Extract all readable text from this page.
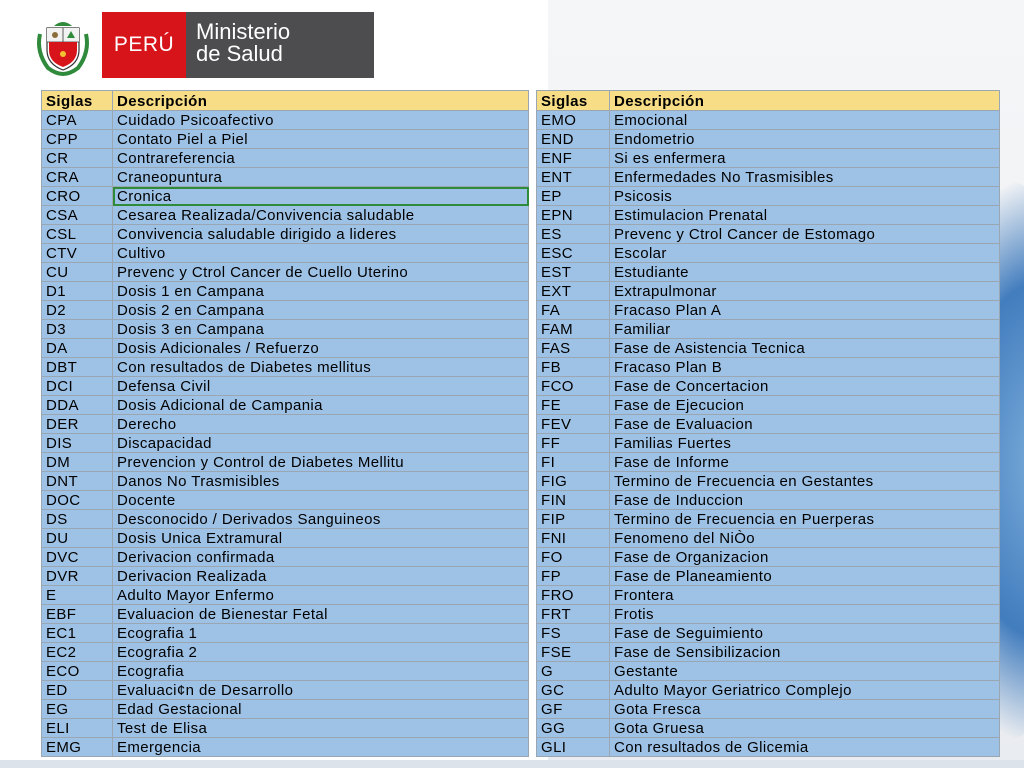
PERÚ
Ministerio
de Salud
Siglas	Descripción
CPA	Cuidado Psicoafectivo
CPP	Contato Piel a Piel
CR	Contrareferencia
CRA	Craneopuntura
CRO	Cronica
CSA	Cesarea Realizada/Convivencia saludable
CSL	Convivencia saludable dirigido a lideres
CTV	Cultivo
CU	Prevenc y Ctrol Cancer de Cuello Uterino
D1	Dosis 1 en Campana
D2	Dosis 2 en Campana
D3	Dosis 3 en Campana
DA	Dosis Adicionales / Refuerzo
DBT	Con resultados de Diabetes mellitus
DCI	Defensa Civil
DDA	Dosis Adicional de Campania
DER	Derecho
DIS	Discapacidad
DM	Prevencion y Control de Diabetes Mellitu
DNT	Danos No Trasmisibles
DOC	Docente
DS	Desconocido / Derivados Sanguineos
DU	Dosis Unica Extramural
DVC	Derivacion confirmada
DVR	Derivacion Realizada
E	Adulto Mayor Enfermo
EBF	Evaluacion de Bienestar Fetal
EC1	Ecografia 1
EC2	Ecografia 2
ECO	Ecografia
ED	Evaluaci¢n de Desarrollo
EG	Edad Gestacional
ELI	Test de Elisa
EMG	Emergencia
Siglas	Descripción
EMO	Emocional
END	Endometrio
ENF	Si es enfermera
ENT	Enfermedades No Trasmisibles
EP	Psicosis
EPN	Estimulacion Prenatal
ES	Prevenc y Ctrol Cancer de Estomago
ESC	Escolar
EST	Estudiante
EXT	Extrapulmonar
FA	Fracaso Plan A
FAM	Familiar
FAS	Fase de Asistencia Tecnica
FB	Fracaso Plan B
FCO	Fase de Concertacion
FE	Fase de Ejecucion
FEV	Fase de Evaluacion
FF	Familias Fuertes
FI	Fase de Informe
FIG	Termino de Frecuencia en Gestantes
FIN	Fase de Induccion
FIP	Termino de Frecuencia en Puerperas
FNI	Fenomeno del NiÒo
FO	Fase de Organizacion
FP	Fase de Planeamiento
FRO	Frontera
FRT	Frotis
FS	Fase de Seguimiento
FSE	Fase de Sensibilizacion
G	Gestante
GC	Adulto Mayor Geriatrico Complejo
GF	Gota Fresca
GG	Gota Gruesa
GLI	Con resultados de Glicemia
